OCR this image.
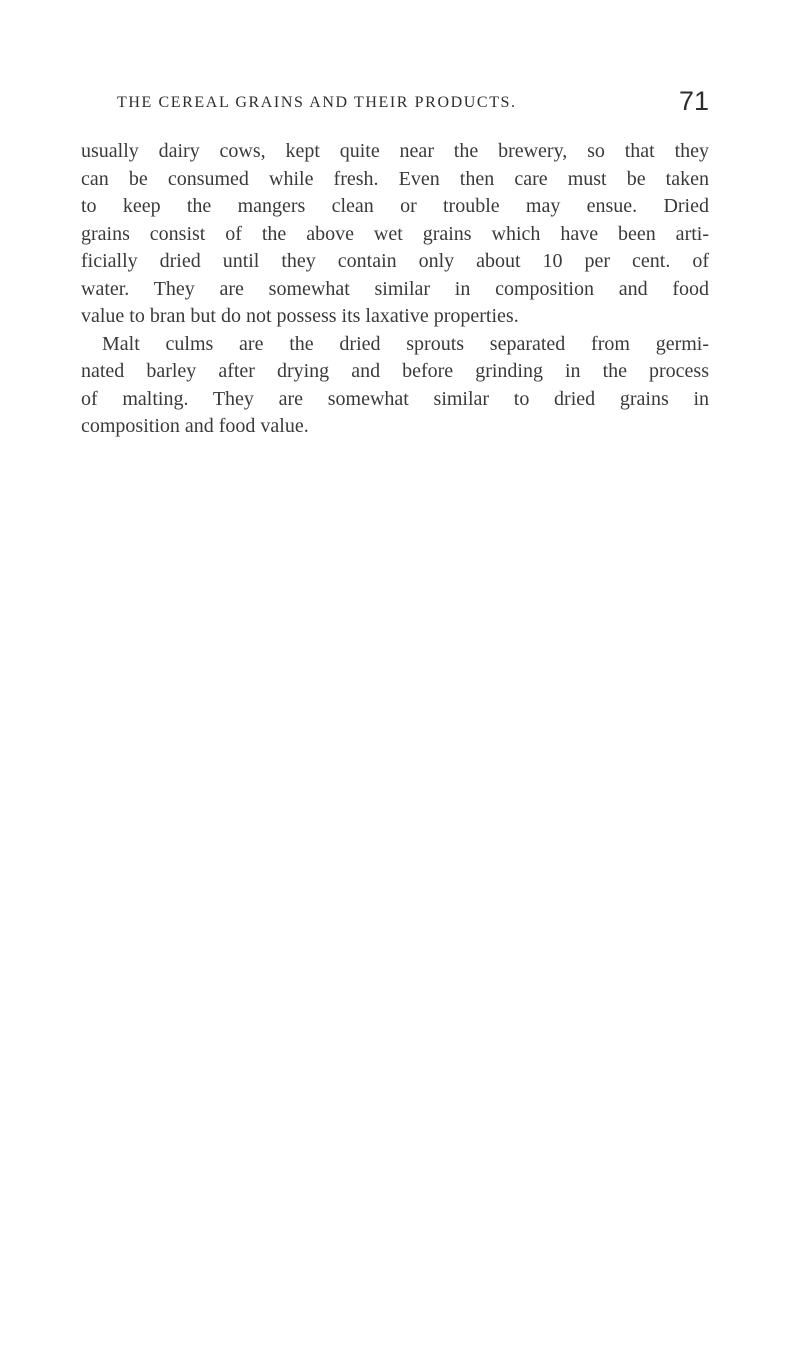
THE CEREAL GRAINS AND THEIR PRODUCTS.	71
usually dairy cows, kept quite near the brewery, so that they
can be consumed while fresh. Even then care must be taken
to keep the mangers clean or trouble may ensue. Dried
grains consist of the above wet grains which have been arti-
ficially dried until they contain only about 10 per cent. of
water. They are somewhat similar in composition and food
value to bran but do not possess its laxative properties.
Malt culms are the dried sprouts separated from germi-
nated barley after drying and before grinding in the process
of malting. They are somewhat similar to dried grains in
composition and food value.
